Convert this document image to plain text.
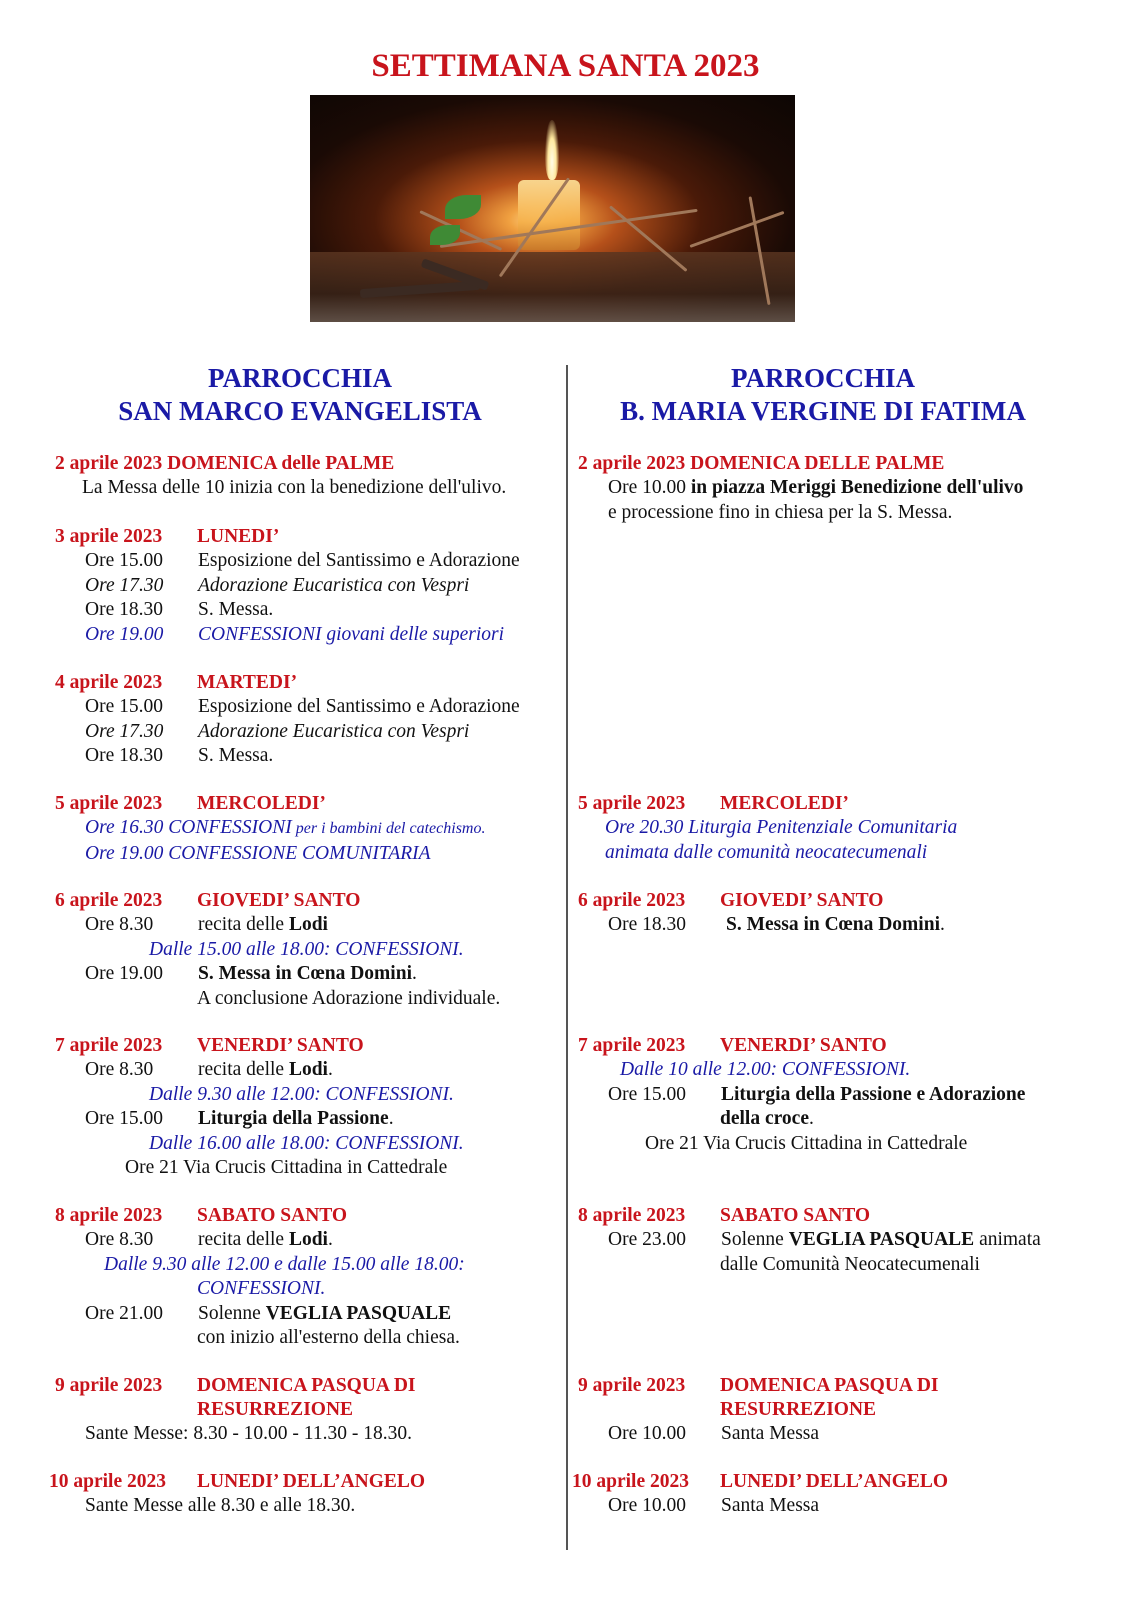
SETTIMANA SANTA 2023
PARROCCHIA
SAN MARCO EVANGELISTA
2 aprile 2023 DOMENICA delle PALME
La Messa delle 10 inizia con la benedizione dell'ulivo.
3 aprile 2023 LUNEDI’
Ore 15.00 Esposizione del Santissimo e Adorazione
Ore 17.30 Adorazione Eucaristica con Vespri
Ore 18.30 S. Messa.
Ore 19.00 CONFESSIONI giovani delle superiori
4 aprile 2023 MARTEDI’
Ore 15.00 Esposizione del Santissimo e Adorazione
Ore 17.30 Adorazione Eucaristica con Vespri
Ore 18.30 S. Messa.
5 aprile 2023 MERCOLEDI’
Ore 16.30 CONFESSIONI per i bambini del catechismo.
Ore 19.00 CONFESSIONE COMUNITARIA
6 aprile 2023 GIOVEDI’ SANTO
Ore 8.30 recita delle Lodi
Dalle 15.00 alle 18.00: CONFESSIONI.
Ore 19.00 S. Messa in Cœna Domini.
A conclusione Adorazione individuale.
7 aprile 2023 VENERDI’ SANTO
Ore 8.30 recita delle Lodi.
Dalle 9.30 alle 12.00: CONFESSIONI.
Ore 15.00 Liturgia della Passione.
Dalle 16.00 alle 18.00: CONFESSIONI.
Ore 21 Via Crucis Cittadina in Cattedrale
8 aprile 2023 SABATO SANTO
Ore 8.30 recita delle Lodi.
Dalle 9.30 alle 12.00 e dalle 15.00 alle 18.00:
CONFESSIONI.
Ore 21.00 Solenne VEGLIA PASQUALE
con inizio all'esterno della chiesa.
9 aprile 2023 DOMENICA PASQUA DI
RESURREZIONE
Sante Messe: 8.30 - 10.00 - 11.30 - 18.30.
10 aprile 2023 LUNEDI’ DELL’ANGELO
Sante Messe alle 8.30 e alle 18.30.
PARROCCHIA
B. MARIA VERGINE DI FATIMA
2 aprile 2023 DOMENICA DELLE PALME
Ore 10.00 in piazza Meriggi Benedizione dell'ulivo
e processione fino in chiesa per la S. Messa.
5 aprile 2023 MERCOLEDI’
Ore 20.30 Liturgia Penitenziale Comunitaria
animata dalle comunità neocatecumenali
6 aprile 2023 GIOVEDI’ SANTO
Ore 18.30 S. Messa in Cœna Domini.
7 aprile 2023 VENERDI’ SANTO
Dalle 10 alle 12.00: CONFESSIONI.
Ore 15.00 Liturgia della Passione e Adorazione
della croce.
Ore 21 Via Crucis Cittadina in Cattedrale
8 aprile 2023 SABATO SANTO
Ore 23.00 Solenne VEGLIA PASQUALE animata
dalle Comunità Neocatecumenali
9 aprile 2023 DOMENICA PASQUA DI
RESURREZIONE
Ore 10.00 Santa Messa
10 aprile 2023 LUNEDI’ DELL’ANGELO
Ore 10.00 Santa Messa
